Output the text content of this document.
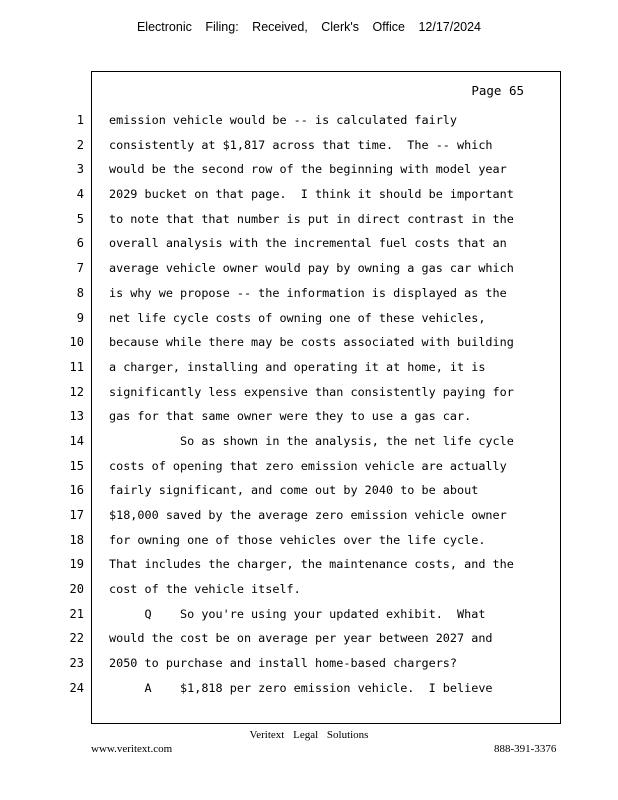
Electronic Filing: Received, Clerk's Office 12/17/2024
Page 65
1
2
3
4
5
6
7
8
9
10
11
12
13
14
15
16
17
18
19
20
21
22
23
24
emission vehicle would be -- is calculated fairly
consistently at $1,817 across that time.  The -- which
would be the second row of the beginning with model year
2029 bucket on that page.  I think it should be important
to note that that number is put in direct contrast in the
overall analysis with the incremental fuel costs that an
average vehicle owner would pay by owning a gas car which
is why we propose -- the information is displayed as the
net life cycle costs of owning one of these vehicles,
because while there may be costs associated with building
a charger, installing and operating it at home, it is
significantly less expensive than consistently paying for
gas for that same owner were they to use a gas car.
So as shown in the analysis, the net life cycle
costs of opening that zero emission vehicle are actually
fairly significant, and come out by 2040 to be about
$18,000 saved by the average zero emission vehicle owner
for owning one of those vehicles over the life cycle.
That includes the charger, the maintenance costs, and the
cost of the vehicle itself.
Q    So you're using your updated exhibit.  What
would the cost be on average per year between 2027 and
2050 to purchase and install home-based chargers?
A    $1,818 per zero emission vehicle.  I believe
Veritext Legal Solutions
www.veritext.com	888-391-3376
